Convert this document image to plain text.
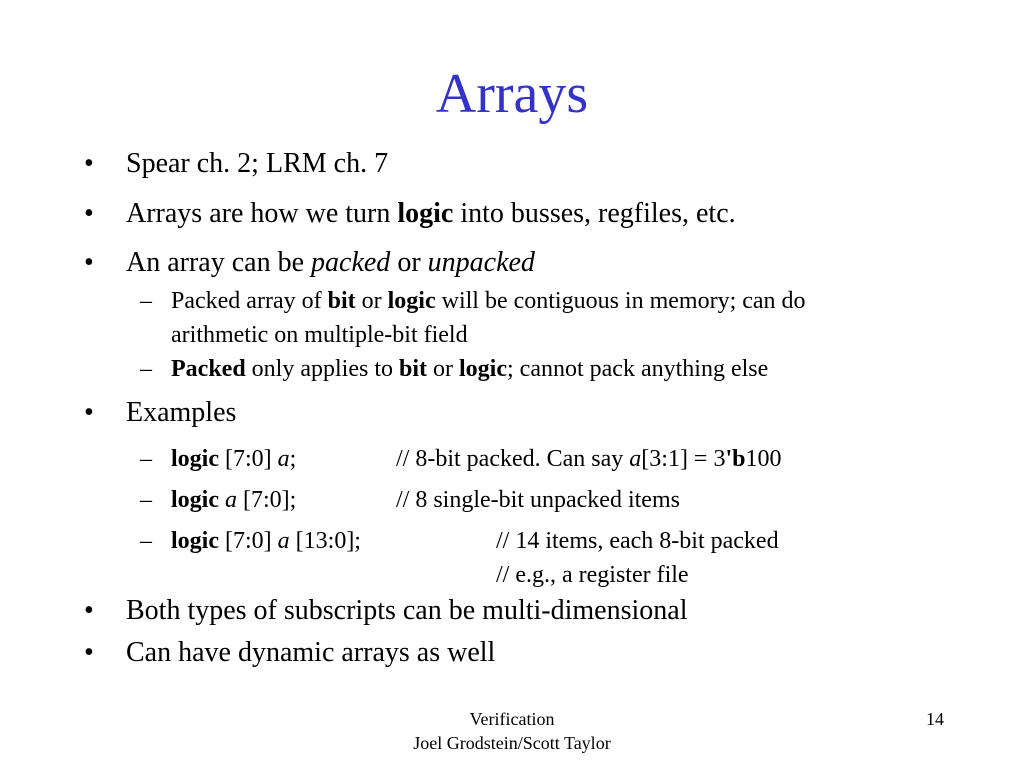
Arrays
• Spear ch. 2; LRM ch. 7
• Arrays are how we turn logic into busses, regfiles, etc.
• An array can be packed or unpacked
– Packed array of bit or logic will be contiguous in memory; can do
arithmetic on multiple-bit field
– Packed only applies to bit or logic; cannot pack anything else
• Examples
– logic [7:0] a;	// 8-bit packed. Can say a[3:1] = 3'b100
– logic a [7:0];	// 8 single-bit unpacked items
– logic [7:0] a [13:0];	// 14 items, each 8-bit packed
// e.g., a register file
• Both types of subscripts can be multi-dimensional
• Can have dynamic arrays as well
Verification
Joel Grodstein/Scott Taylor
14
